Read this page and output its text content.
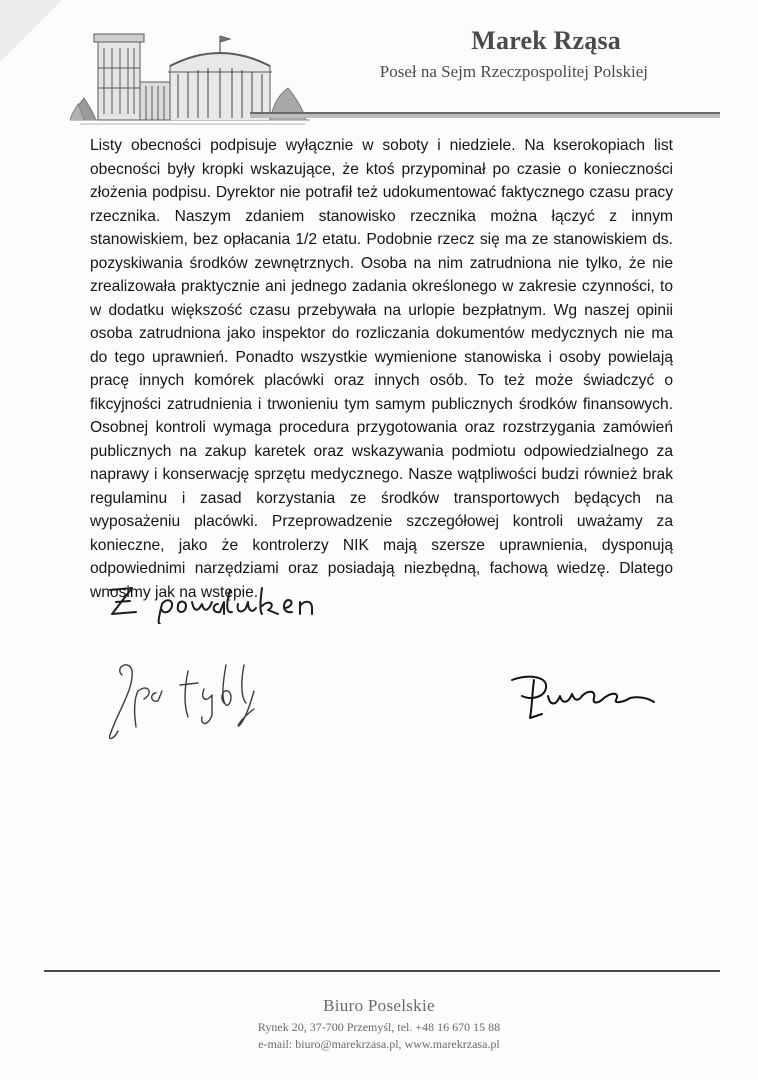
Marek Rząsa
Poseł na Sejm Rzeczpospolitej Polskiej

Listy obecności podpisuje wyłącznie w soboty i niedziele. Na kserokopiach list obecności były kropki wskazujące, że ktoś przypominał po czasie o konieczności złożenia podpisu. Dyrektor nie potrafił też udokumentować faktycznego czasu pracy rzecznika. Naszym zdaniem stanowisko rzecznika można łączyć z innym stanowiskiem, bez opłacania 1/2 etatu. Podobnie rzecz się ma ze stanowiskiem ds. pozyskiwania środków zewnętrznych. Osoba na nim zatrudniona nie tylko, że nie zrealizowała praktycznie ani jednego zadania określonego w zakresie czynności, to w dodatku większość czasu przebywała na urlopie bezpłatnym. Wg naszej opinii osoba zatrudniona jako inspektor do rozliczania dokumentów medycznych nie ma do tego uprawnień. Ponadto wszystkie wymienione stanowiska i osoby powielają pracę innych komórek placówki oraz innych osób. To też może świadczyć o fikcyjności zatrudnienia i trwonieniu tym samym publicznych środków finansowych. Osobnej kontroli wymaga procedura przygotowania oraz rozstrzygania zamówień publicznych na zakup karetek oraz wskazywania podmiotu odpowiedzialnego za naprawy i konserwację sprzętu medycznego. Nasze wątpliwości budzi również brak regulaminu i zasad korzystania ze środków transportowych będących na wyposażeniu placówki. Przeprowadzenie szczegółowej kontroli uważamy za konieczne, jako że kontrolerzy NIK mają szersze uprawnienia, dysponują odpowiednimi narzędziami oraz posiadają niezbędną, fachową wiedzę. Dlatego wnosimy jak na wstępie.

Biuro Poselskie
Rynek 20, 37-700 Przemyśl, tel. +48 16 670 15 88
e-mail: biuro@marekrzasa.pl, www.marekrzasa.pl
